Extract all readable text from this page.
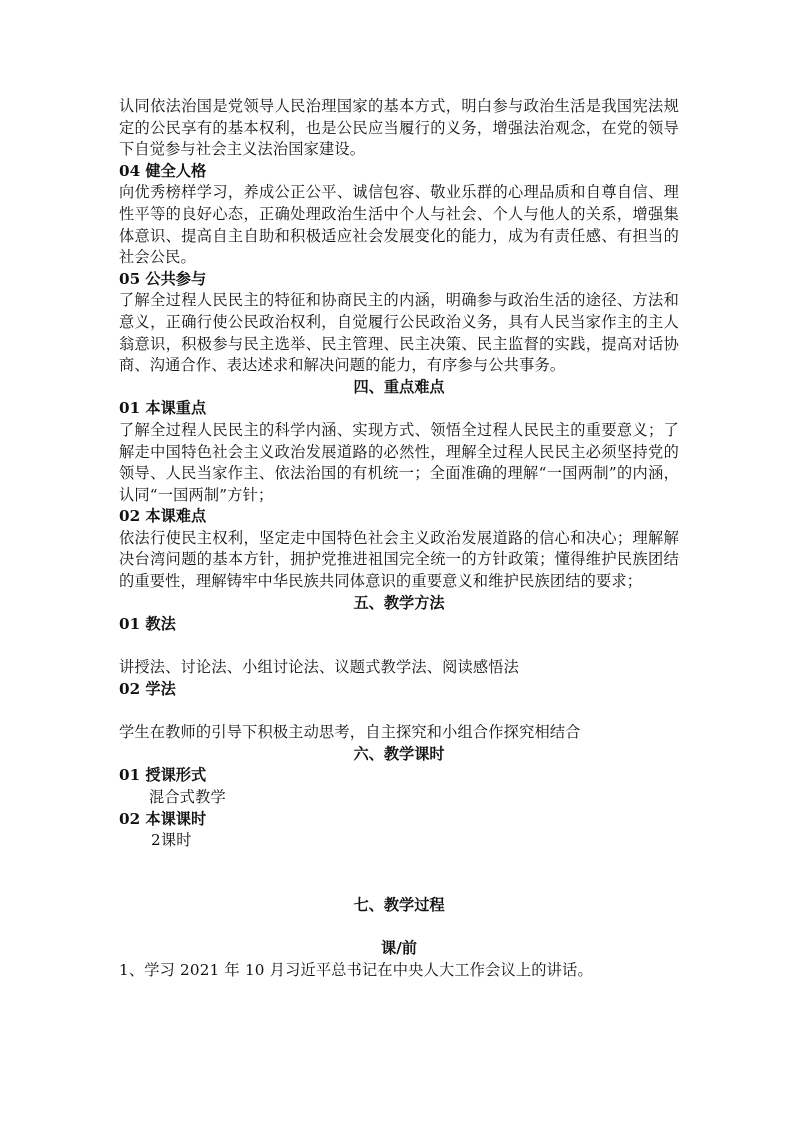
认同依法治国是党领导人民治理国家的基本方式，明白参与政治生活是我国宪法规定的公民享有的基本权利，也是公民应当履行的义务，增强法治观念，在党的领导下自觉参与社会主义法治国家建设。

04 健全人格

向优秀榜样学习，养成公正公平、诚信包容、敬业乐群的心理品质和自尊自信、理性平等的良好心态，正确处理政治生活中个人与社会、个人与他人的关系，增强集体意识、提高自主自助和积极适应社会发展变化的能力，成为有责任感、有担当的社会公民。

05 公共参与

了解全过程人民民主的特征和协商民主的内涵，明确参与政治生活的途径、方法和意义，正确行使公民政治权利，自觉履行公民政治义务，具有人民当家作主的主人翁意识，积极参与民主选举、民主管理、民主决策、民主监督的实践，提高对话协商、沟通合作、表达述求和解决问题的能力，有序参与公共事务。

四、重点难点
01 本课重点

了解全过程人民民主的科学内涵、实现方式、领悟全过程人民民主的重要意义；了解走中国特色社会主义政治发展道路的必然性，理解全过程人民民主必须坚持党的领导、人民当家作主、依法治国的有机统一；全面准确的理解“一国两制”的内涵，认同“一国两制”方针；

02 本课难点

依法行使民主权利，坚定走中国特色社会主义政治发展道路的信心和决心；理解解决台湾问题的基本方针，拥护党推进祖国完全统一的方针政策；懂得维护民族团结的重要性，理解铸牢中华民族共同体意识的重要意义和维护民族团结的要求；

五、教学方法
01 教法

讲授法、讨论法、小组讨论法、议题式教学法、阅读感悟法

02 学法

学生在教师的引导下积极主动思考，自主探究和小组合作探究相结合

六、教学课时
01 授课形式

混合式教学

02 本课课时

2课时

七、教学过程
课/前

1、学习 2021 年 10 月习近平总书记在中央人大工作会议上的讲话。
